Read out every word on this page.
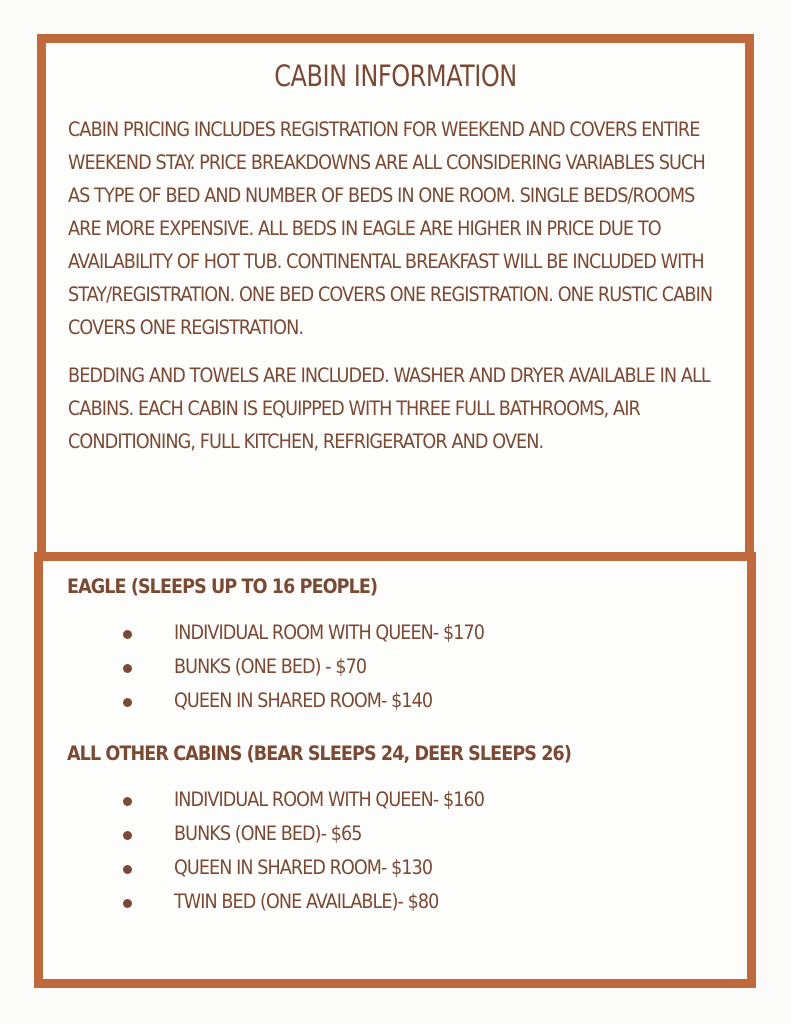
CABIN INFORMATION

CABIN PRICING INCLUDES REGISTRATION FOR WEEKEND AND COVERS ENTIRE WEEKEND STAY. PRICE BREAKDOWNS ARE ALL CONSIDERING VARIABLES SUCH AS TYPE OF BED AND NUMBER OF BEDS IN ONE ROOM. SINGLE BEDS/ROOMS ARE MORE EXPENSIVE. ALL BEDS IN EAGLE ARE HIGHER IN PRICE DUE TO AVAILABILITY OF HOT TUB. CONTINENTAL BREAKFAST WILL BE INCLUDED WITH STAY/REGISTRATION. ONE BED COVERS ONE REGISTRATION. ONE RUSTIC CABIN COVERS ONE REGISTRATION.

BEDDING AND TOWELS ARE INCLUDED. WASHER AND DRYER AVAILABLE IN ALL CABINS. EACH CABIN IS EQUIPPED WITH THREE FULL BATHROOMS, AIR CONDITIONING, FULL KITCHEN, REFRIGERATOR AND OVEN.

EAGLE (SLEEPS UP TO 16 PEOPLE)
INDIVIDUAL ROOM WITH QUEEN- $170
BUNKS (ONE BED) - $70
QUEEN IN SHARED ROOM- $140
ALL OTHER CABINS (BEAR SLEEPS 24, DEER SLEEPS 26)
INDIVIDUAL ROOM WITH QUEEN- $160
BUNKS (ONE BED)- $65
QUEEN IN SHARED ROOM- $130
TWIN BED (ONE AVAILABLE)- $80
